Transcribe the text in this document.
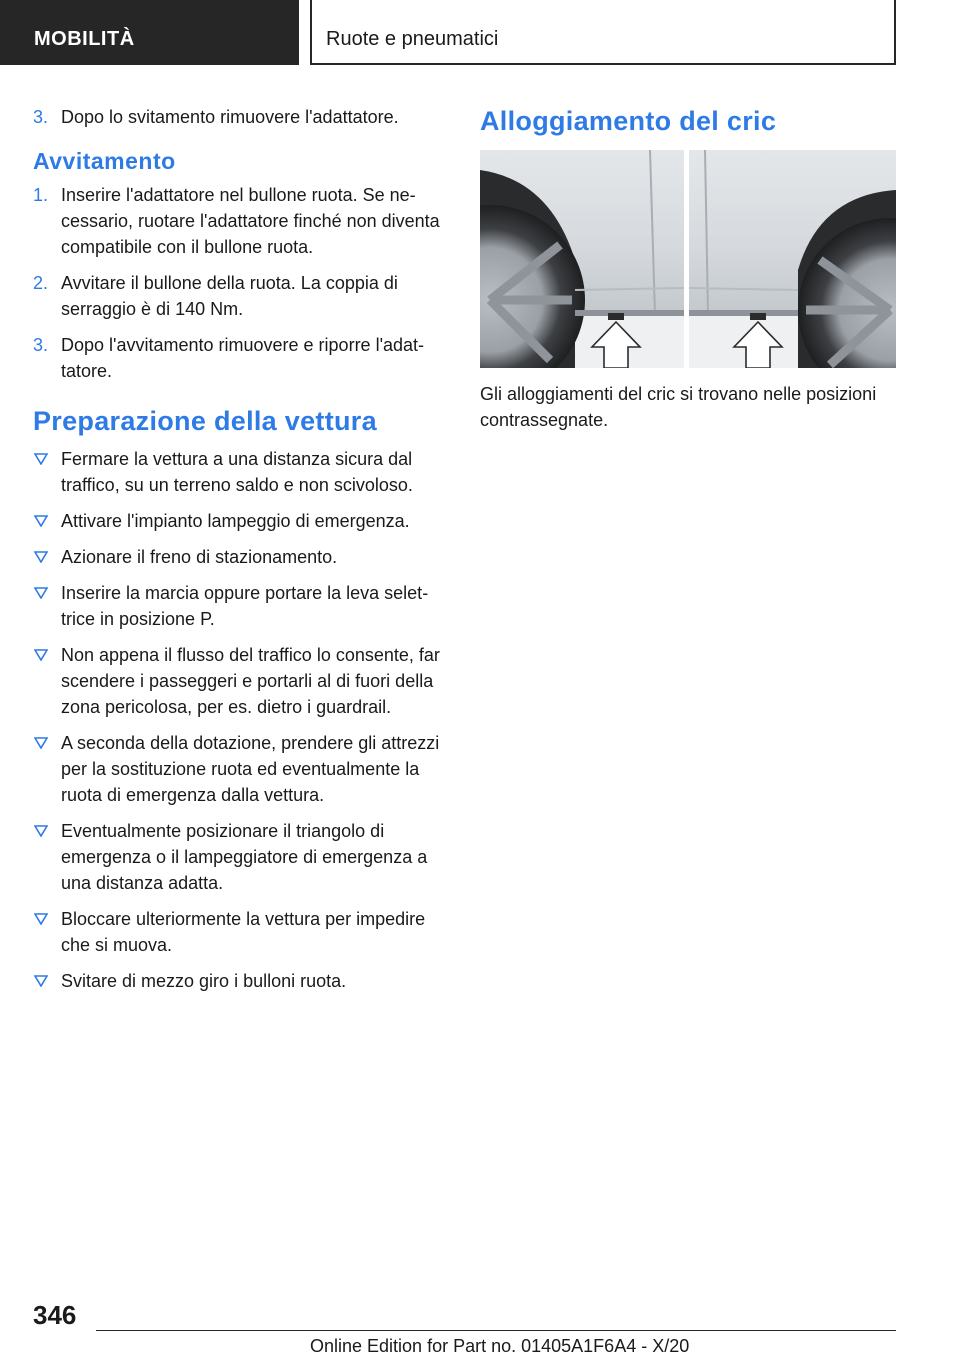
MOBILITÀ	Ruote e pneumatici
3. Dopo lo svitamento rimuovere l'adattatore.
Avvitamento
1. Inserire l'adattatore nel bullone ruota. Se necessario, ruotare l'adattatore finché non diventa compatibile con il bullone ruota.
2. Avvitare il bullone della ruota. La coppia di serraggio è di 140 Nm.
3. Dopo l'avvitamento rimuovere e riporre l'adattatore.
Preparazione della vettura
Fermare la vettura a una distanza sicura dal traffico, su un terreno saldo e non scivoloso.
Attivare l'impianto lampeggio di emergenza.
Azionare il freno di stazionamento.
Inserire la marcia oppure portare la leva selettrice in posizione P.
Non appena il flusso del traffico lo consente, far scendere i passeggeri e portarli al di fuori della zona pericolosa, per es. dietro i guardrail.
A seconda della dotazione, prendere gli attrezzi per la sostituzione ruota ed eventualmente la ruota di emergenza dalla vettura.
Eventualmente posizionare il triangolo di emergenza o il lampeggiatore di emergenza a una distanza adatta.
Bloccare ulteriormente la vettura per impedire che si muova.
Svitare di mezzo giro i bulloni ruota.
Alloggiamento del cric

Gli alloggiamenti del cric si trovano nelle posizioni contrassegnate.

346
Online Edition for Part no. 01405A1F6A4 - X/20
